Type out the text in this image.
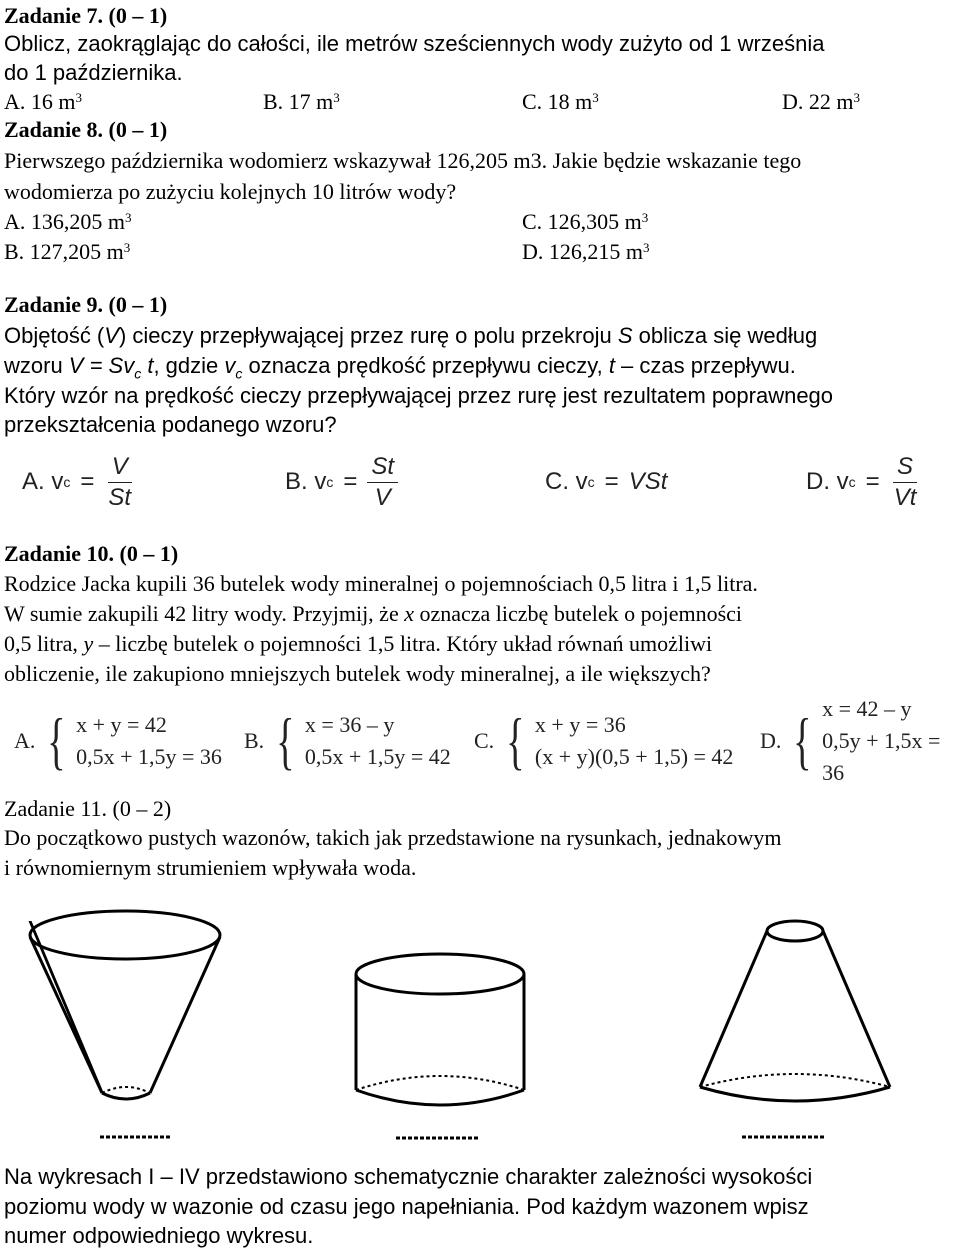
Zadanie 7. (0 – 1)
Oblicz, zaokrąglając do całości, ile metrów sześciennych wody zużyto od 1 września
do 1 października.
A. 16 $m^3$	B. 17 $m^3$	C. 18 $m^3$	D. 22 $m^3$
Zadanie 8. (0 – 1)
Pierwszego października wodomierz wskazywał 126,205 m3. Jakie będzie wskazanie tego
wodomierza po zużyciu kolejnych 10 litrów wody?
A. 136,205 $m^3$	C. 126,305 $m^3$
B. 127,205 $m^3$	D. 126,215 $m^3$
Zadanie 9. (0 – 1)
Objętość (V) cieczy przepływającej przez rurę o polu przekroju S oblicza się według
wzoru $V = Sv_c$ t, gdzie $v_c$ oznacza prędkość przepływu cieczy, t – czas przepływu.
Który wzór na prędkość cieczy przepływającej przez rurę jest rezultatem poprawnego
przekształcenia podanego wzoru?
A. v $c = \frac{V}{St}$	B. v $c = \frac{St}{V}$	C. v c = VSt	D. v $c = \frac{S}{Vt}$
Zadanie 10. (0 – 1)
Rodzice Jacka kupili 36 butelek wody mineralnej o pojemnościach 0,5 litra i 1,5 litra.
W sumie zakupili 42 litry wody. Przyjmij, że x oznacza liczbę butelek o pojemności
0,5 litra, y – liczbę butelek o pojemności 1,5 litra. Który układ równań umożliwi
obliczenie, ile zakupiono mniejszych butelek wody mineralnej, a ile większych?
A. { x + y = 42
0,5x + 1,5y = 36
B. { x = 36 – y
0,5x + 1,5y = 42
C. { x + y = 36
(x + y)(0,5 + 1,5) = 42
D. { x = 42 – y
0,5y + 1,5x = 36
Zadanie 11. (0 – 2)
Do początkowo pustych wazonów, takich jak przedstawione na rysunkach, jednakowym
i równomiernym strumieniem wpływała woda.
Na wykresach I – IV przedstawiono schematycznie charakter zależności wysokości
poziomu wody w wazonie od czasu jego napełniania. Pod każdym wazonem wpisz
numer odpowiedniego wykresu.
